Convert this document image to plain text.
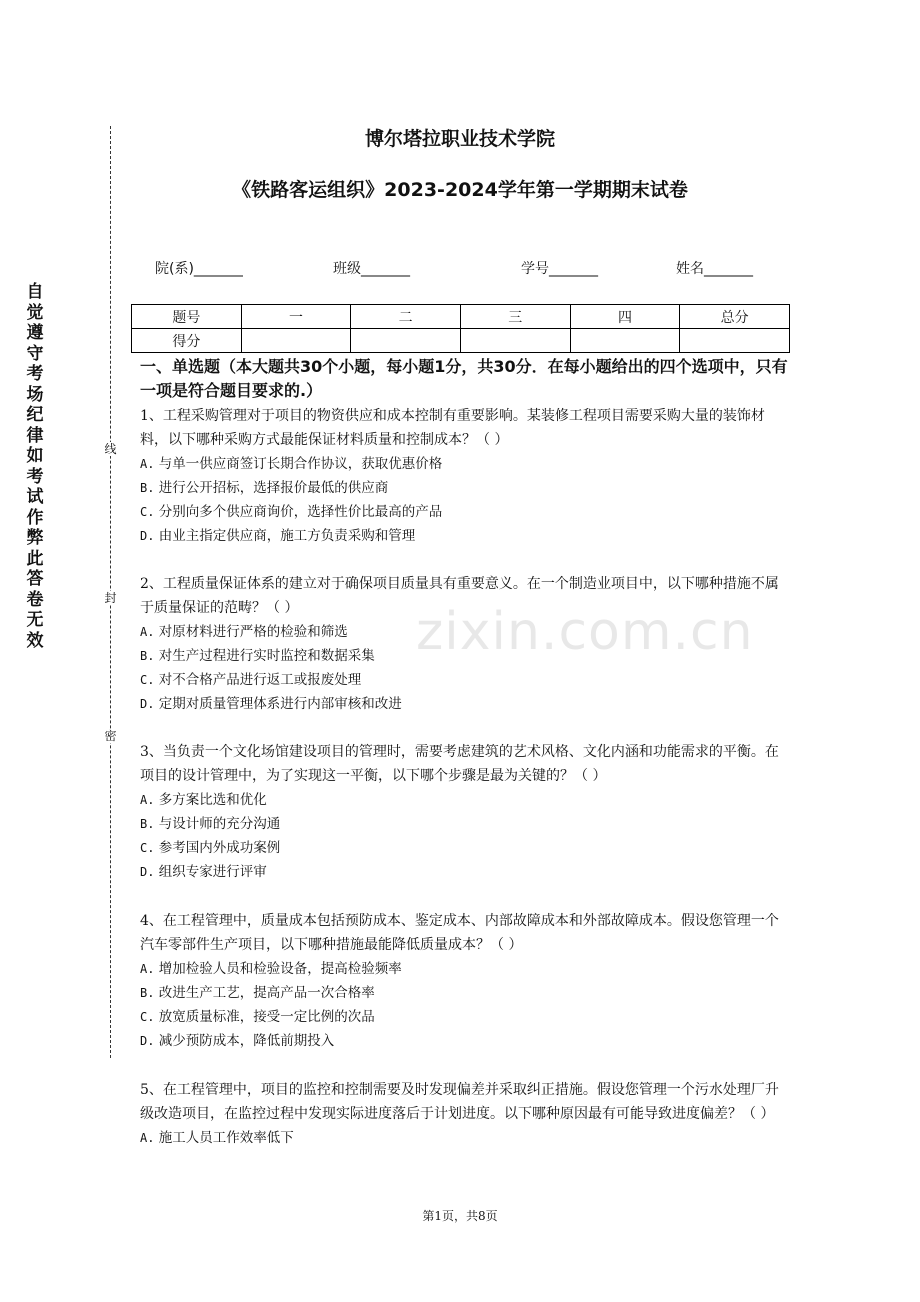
自觉遵守考场纪律如考试作弊此答卷无效
线
封
密
博尔塔拉职业技术学院
《铁路客运组织》2023-2024学年第一学期期末试卷
院(系)_______	班级_______	学号_______	姓名_______
题号	一	二	三	四	总分
得分					
一、单选题（本大题共30个小题，每小题1分，共30分．在每小题给出的四个选项中，只有一项是符合题目要求的.）
zixin.com.cn

1、工程采购管理对于项目的物资供应和成本控制有重要影响。某装修工程项目需要采购大量的装饰材料，以下哪种采购方式最能保证材料质量和控制成本？（ ）

A. 与单一供应商签订长期合作协议，获取优惠价格

B. 进行公开招标，选择报价最低的供应商

C. 分别向多个供应商询价，选择性价比最高的产品

D. 由业主指定供应商，施工方负责采购和管理

2、工程质量保证体系的建立对于确保项目质量具有重要意义。在一个制造业项目中，以下哪种措施不属于质量保证的范畴？（ ）

A. 对原材料进行严格的检验和筛选

B. 对生产过程进行实时监控和数据采集

C. 对不合格产品进行返工或报废处理

D. 定期对质量管理体系进行内部审核和改进

3、当负责一个文化场馆建设项目的管理时，需要考虑建筑的艺术风格、文化内涵和功能需求的平衡。在项目的设计管理中，为了实现这一平衡，以下哪个步骤是最为关键的？（ ）

A. 多方案比选和优化

B. 与设计师的充分沟通

C. 参考国内外成功案例

D. 组织专家进行评审

4、在工程管理中，质量成本包括预防成本、鉴定成本、内部故障成本和外部故障成本。假设您管理一个汽车零部件生产项目，以下哪种措施最能降低质量成本？（ ）

A. 增加检验人员和检验设备，提高检验频率

B. 改进生产工艺，提高产品一次合格率

C. 放宽质量标准，接受一定比例的次品

D. 减少预防成本，降低前期投入

5、在工程管理中，项目的监控和控制需要及时发现偏差并采取纠正措施。假设您管理一个污水处理厂升级改造项目，在监控过程中发现实际进度落后于计划进度。以下哪种原因最有可能导致进度偏差？（ ）

A. 施工人员工作效率低下

第1页，共8页
